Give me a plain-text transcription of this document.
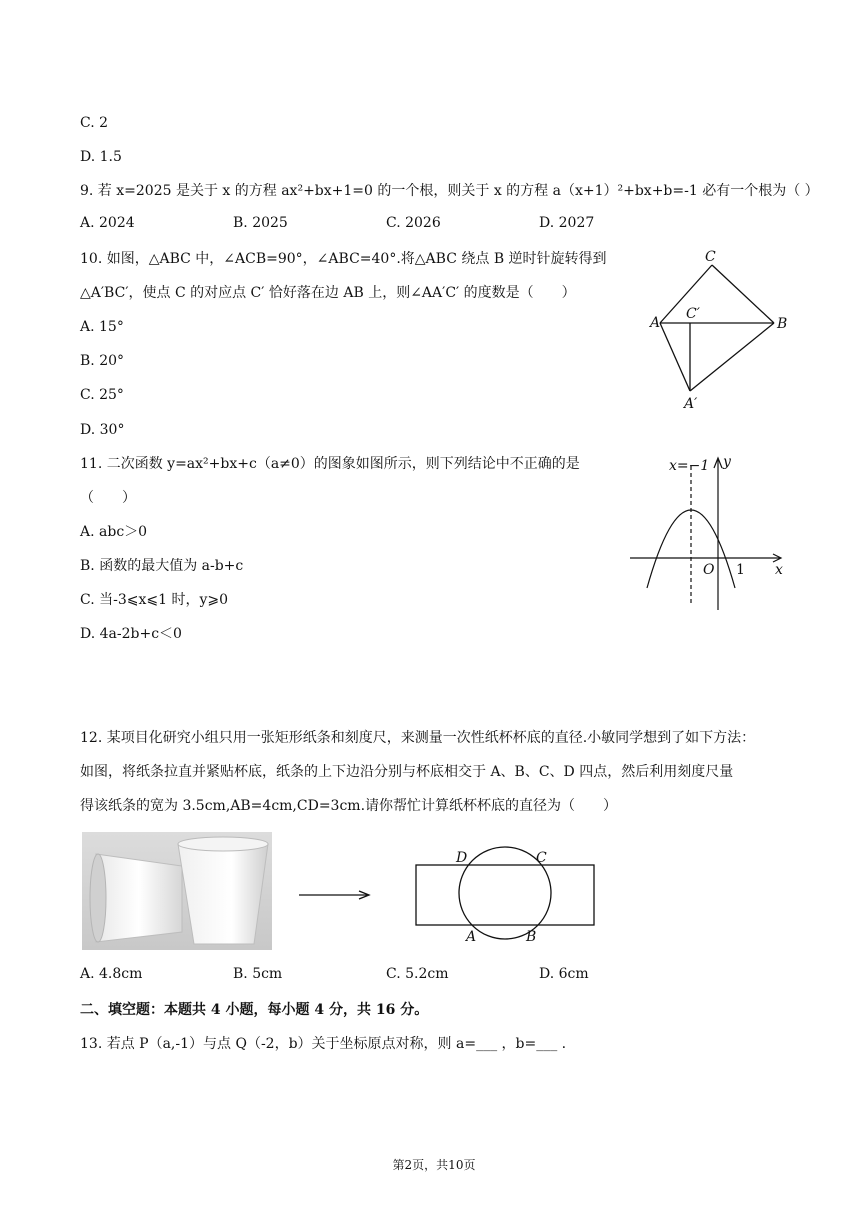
C. 2
D. 1.5
9. 若 x=2025 是关于 x 的方程 ax²+bx+1=0 的一个根，则关于 x 的方程 a（x+1）²+bx+b=-1 必有一个根为（ ）
A. 2024	B. 2025	C. 2026	D. 2027
10. 如图，△ABC 中，∠ACB=90°，∠ABC=40°.将△ABC 绕点 B 逆时针旋转得到
△A′BC′，使点 C 的对应点 C′ 恰好落在边 AB 上，则∠AA′C′ 的度数是（　　）
A. 15°
B. 20°
C. 25°
D. 30°
C
A	B
C′
A′
11. 二次函数 y=ax²+bx+c（a≠0）的图象如图所示，则下列结论中不正确的是
（　　）
A. abc＞0
B. 函数的最大值为 a-b+c
C. 当-3⩽x⩽1 时，y⩾0
D. 4a-2b+c＜0
x=−1 y
x
O 1
12. 某项目化研究小组只用一张矩形纸条和刻度尺，来测量一次性纸杯杯底的直径.小敏同学想到了如下方法：
如图，将纸条拉直并紧贴杯底，纸条的上下边沿分别与杯底相交于 A、B、C、D 四点，然后利用刻度尺量
得该纸条的宽为 3.5cm,AB=4cm,CD=3cm.请你帮忙计算纸杯杯底的直径为（　　）
D	C
A	B
A. 4.8cm	B. 5cm	C. 5.2cm	D. 6cm
二、填空题：本题共 4 小题，每小题 4 分，共 16 分。
13. 若点 P（a,-1）与点 Q（-2，b）关于坐标原点对称，则 a=___ ，b=___ .
第2页，共10页
